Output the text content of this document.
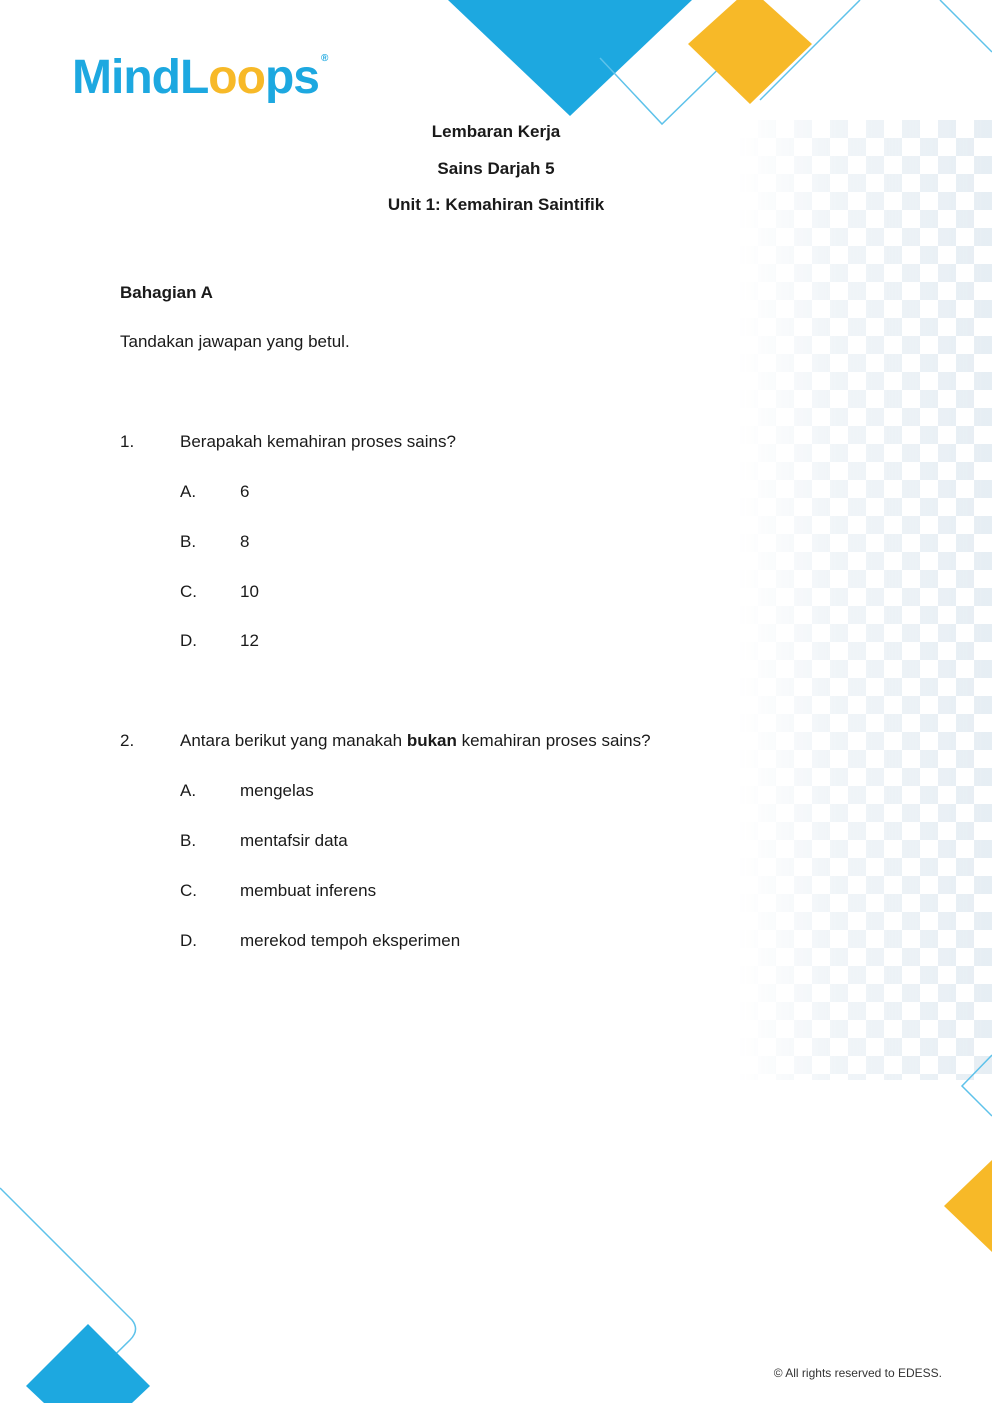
MindLoops ®
Lembaran Kerja
Sains Darjah 5
Unit 1: Kemahiran Saintifik
Bahagian A
Tandakan jawapan yang betul.
1.	Berapakah kemahiran proses sains?
A.	6
B.	8
C.	10
D.	12
2.	Antara berikut yang manakah bukan kemahiran proses sains?
A.	mengelas
B.	mentafsir data
C.	membuat inferens
D.	merekod tempoh eksperimen
© All rights reserved to EDESS.
